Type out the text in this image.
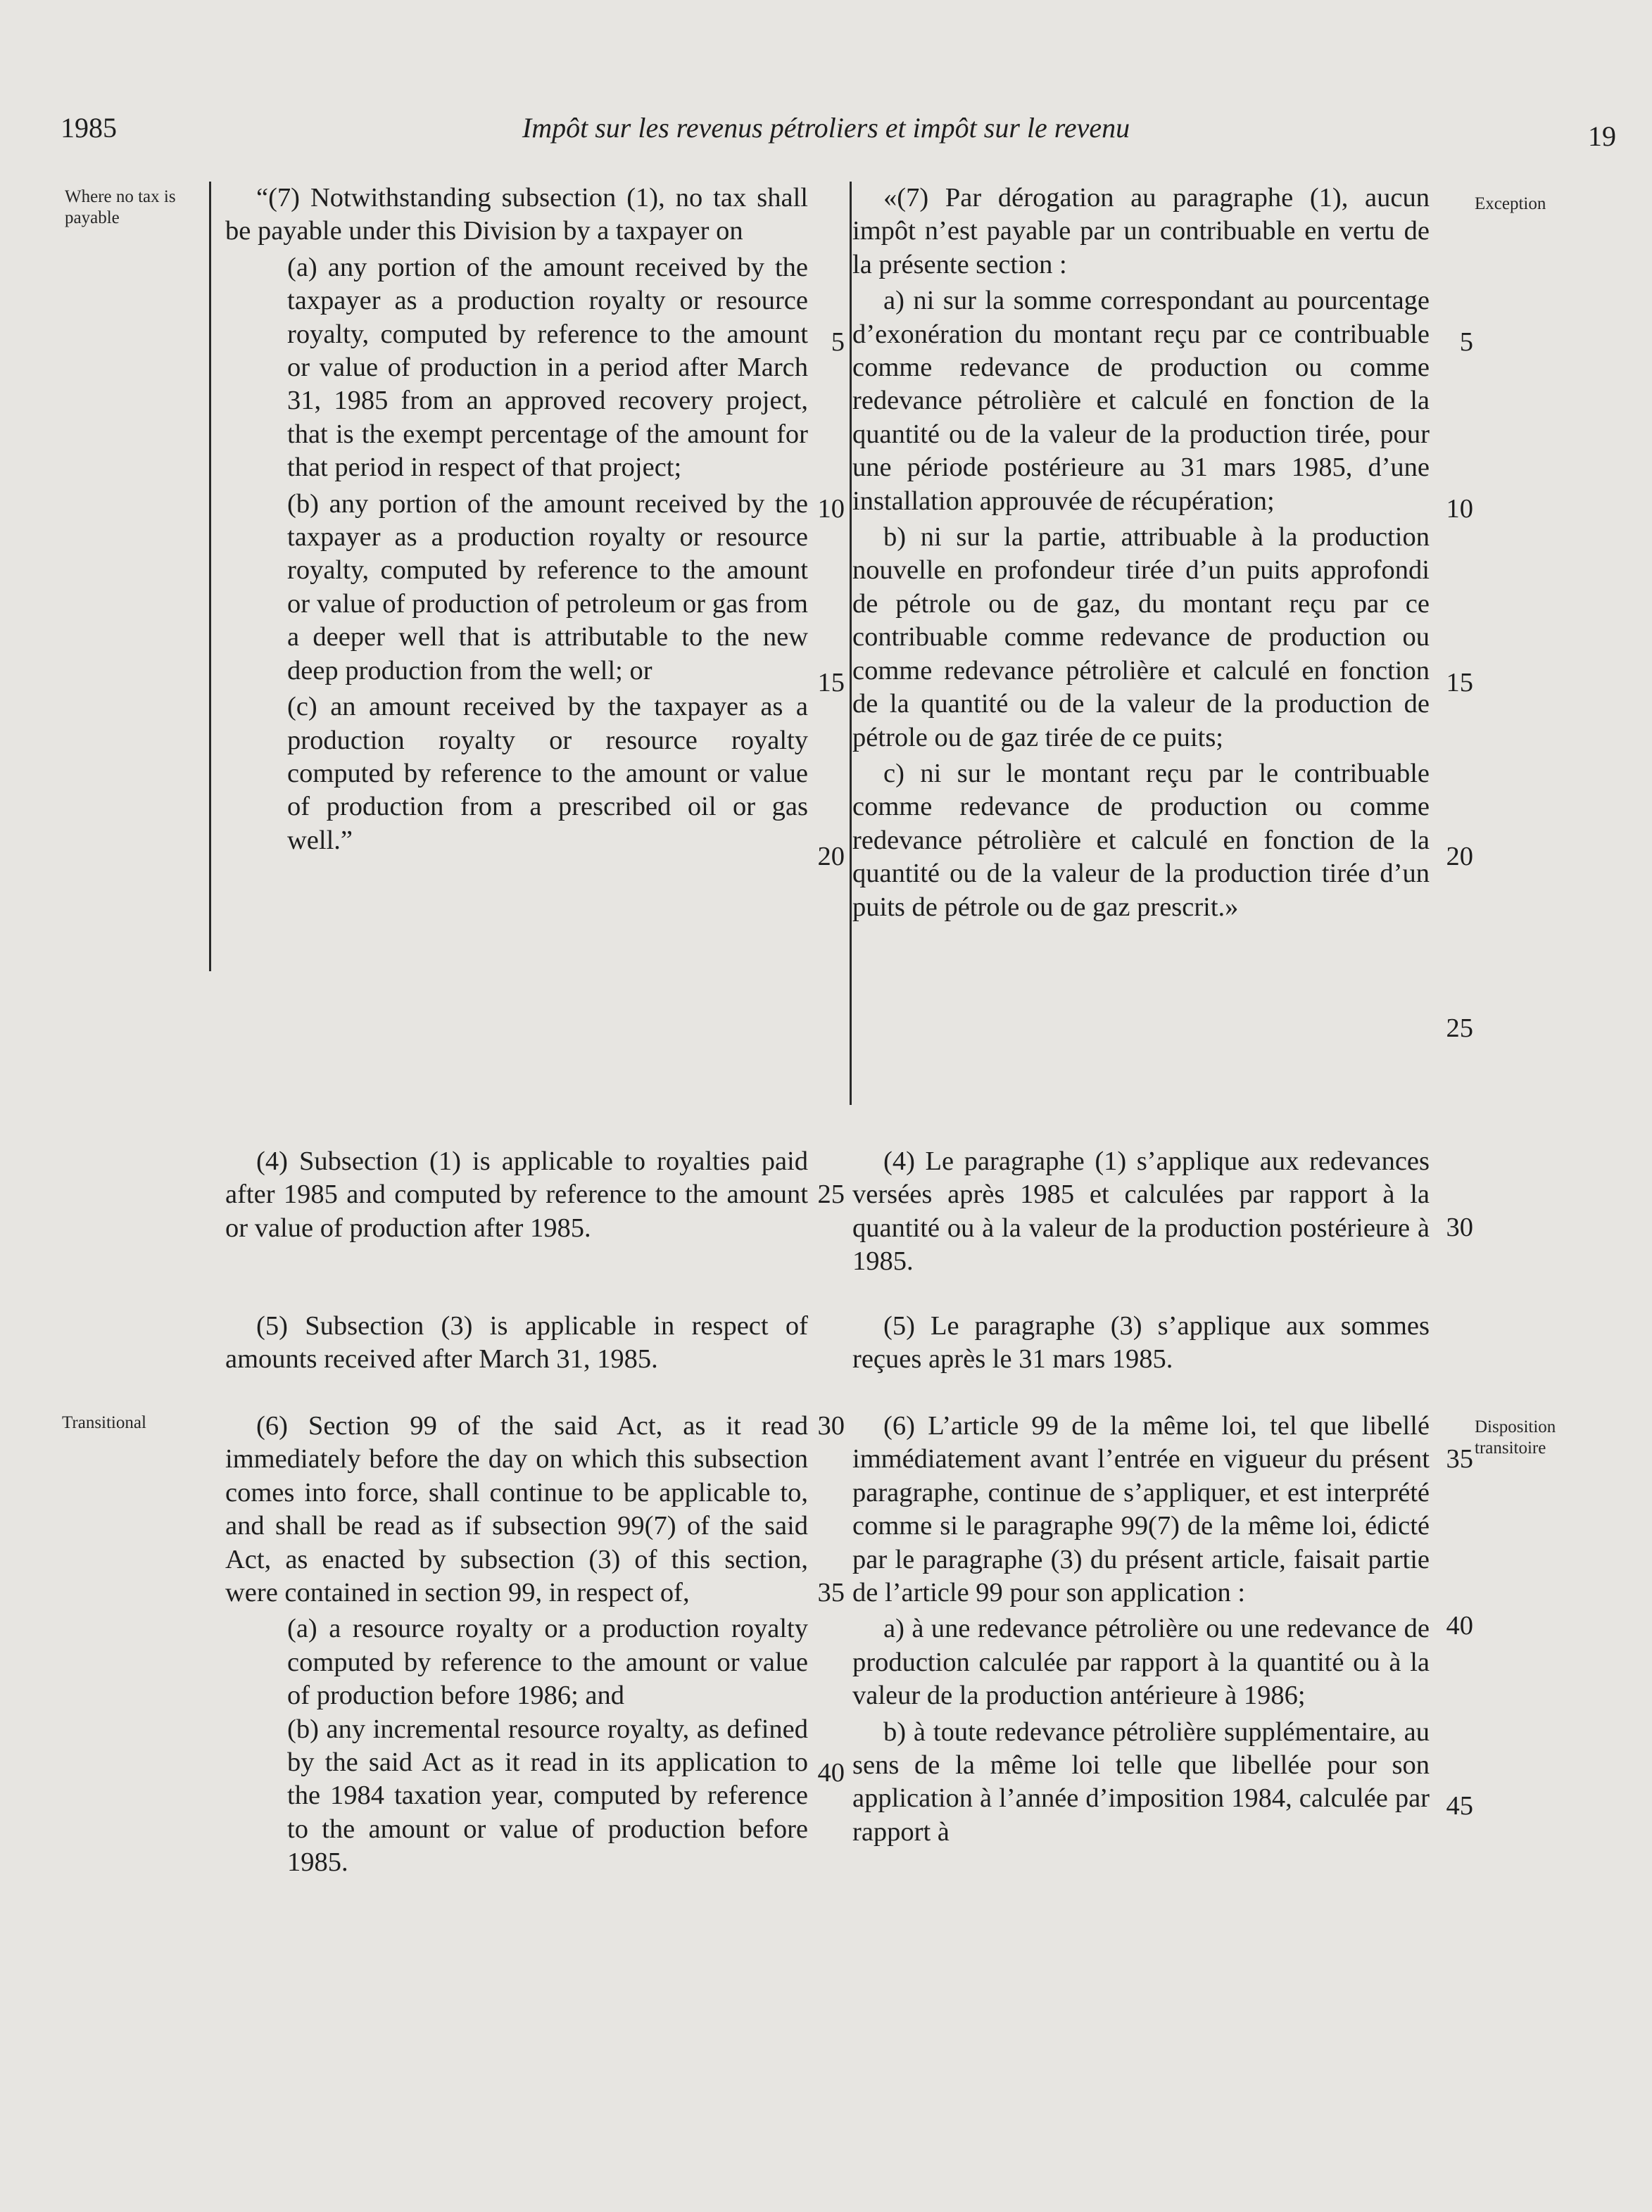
1985	Impôt sur les revenus pétroliers et impôt sur le revenu	19
Where no tax is payable
Exception
Transitional	Disposition transitoire

“(7) Notwithstanding subsection (1), no tax shall be payable under this Division by a taxpayer on

(a) any portion of the amount received by the taxpayer as a production royalty or resource royalty, computed by reference to the amount or value of production in a period after March 31, 1985 from an approved recovery project, that is the exempt percentage of the amount for that period in respect of that project;

(b) any portion of the amount received by the taxpayer as a production royalty or resource royalty, computed by reference to the amount or value of production of petroleum or gas from a deeper well that is attributable to the new deep production from the well; or

(c) an amount received by the taxpayer as a production royalty or resource royalty computed by reference to the amount or value of production from a prescribed oil or gas well.”

«(7) Par dérogation au paragraphe (1), aucun impôt n’est payable par un contribuable en vertu de la présente section :

a) ni sur la somme correspondant au pourcentage d’exonération du montant reçu par ce contribuable comme redevance de production ou comme redevance pétrolière et calculé en fonction de la quantité ou de la valeur de la production tirée, pour une période postérieure au 31 mars 1985, d’une installation approuvée de récupération;

b) ni sur la partie, attribuable à la production nouvelle en profondeur tirée d’un puits approfondi de pétrole ou de gaz, du montant reçu par ce contribuable comme redevance de production ou comme redevance pétrolière et calculé en fonction de la quantité ou de la valeur de la production de pétrole ou de gaz tirée de ce puits;

c) ni sur le montant reçu par le contribuable comme redevance de production ou comme redevance pétrolière et calculé en fonction de la quantité ou de la valeur de la production tirée d’un puits de pétrole ou de gaz prescrit.»

(4) Subsection (1) is applicable to royalties paid after 1985 and computed by reference to the amount or value of production after 1985.

(4) Le paragraphe (1) s’applique aux redevances versées après 1985 et calculées par rapport à la quantité ou à la valeur de la production postérieure à 1985.

(5) Subsection (3) is applicable in respect of amounts received after March 31, 1985.

(5) Le paragraphe (3) s’applique aux sommes reçues après le 31 mars 1985.

(6) Section 99 of the said Act, as it read immediately before the day on which this subsection comes into force, shall continue to be applicable to, and shall be read as if subsection 99(7) of the said Act, as enacted by subsection (3) of this section, were contained in section 99, in respect of,

(a) a resource royalty or a production royalty computed by reference to the amount or value of production before 1986; and

(b) any incremental resource royalty, as defined by the said Act as it read in its application to the 1984 taxation year, computed by reference to the amount or value of production before 1985.

(6) L’article 99 de la même loi, tel que libellé immédiatement avant l’entrée en vigueur du présent paragraphe, continue de s’appliquer, et est interprété comme si le paragraphe 99(7) de la même loi, édicté par le paragraphe (3) du présent article, faisait partie de l’article 99 pour son application :

a) à une redevance pétrolière ou une redevance de production calculée par rapport à la quantité ou à la valeur de la production antérieure à 1986;

b) à toute redevance pétrolière supplémentaire, au sens de la même loi telle que libellée pour son application à l’année d’imposition 1984, calculée par rapport à

5
10
15
20
25
30
35
40
5
10
15
20
25
30
35
40
45
